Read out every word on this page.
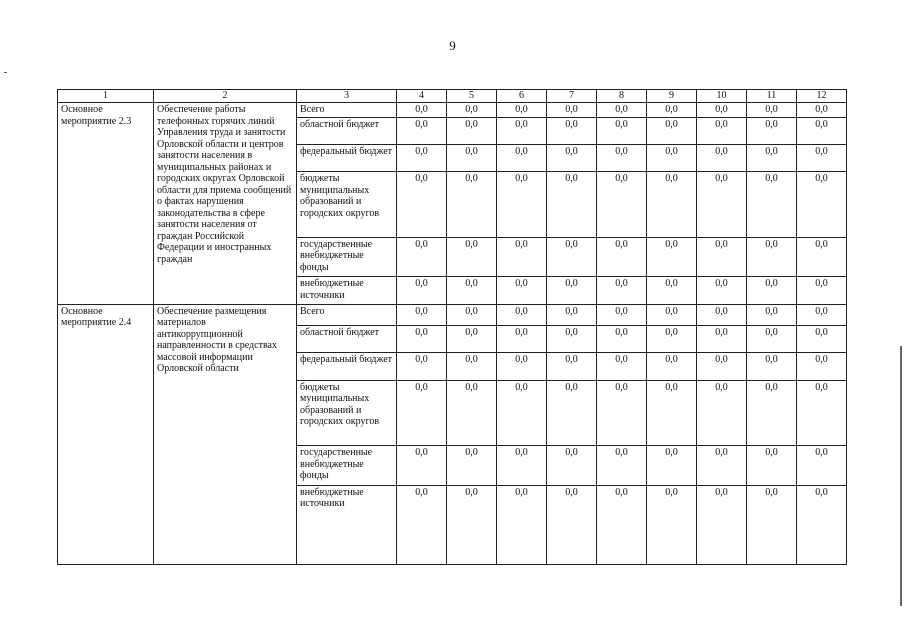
9
1	2	3	4	5	6	7	8	9	10	11	12
Основное мероприятие 2.3	Обеспечение работы телефонных горячих линий Управления труда и занятости Орловской области и центров занятости населения в муниципальных районах и городских округах Орловской области для приема сообщений о фактах нарушения законодательства в сфере занятости населения от граждан Российской Федерации и иностранных граждан	Всего	0,0	0,0	0,0	0,0	0,0	0,0	0,0	0,0	0,0
		областной бюджет	0,0	0,0	0,0	0,0	0,0	0,0	0,0	0,0	0,0
		федеральный бюджет	0,0	0,0	0,0	0,0	0,0	0,0	0,0	0,0	0,0
		бюджеты муниципальных образований и городских округов	0,0	0,0	0,0	0,0	0,0	0,0	0,0	0,0	0,0
		государственные внебюджетные фонды	0,0	0,0	0,0	0,0	0,0	0,0	0,0	0,0	0,0
		внебюджетные источники	0,0	0,0	0,0	0,0	0,0	0,0	0,0	0,0	0,0
Основное мероприятие 2.4	Обеспечение размещения материалов антикоррупционной направленности в средствах массовой информации Орловской области	Всего	0,0	0,0	0,0	0,0	0,0	0,0	0,0	0,0	0,0
		областной бюджет	0,0	0,0	0,0	0,0	0,0	0,0	0,0	0,0	0,0
		федеральный бюджет	0,0	0,0	0,0	0,0	0,0	0,0	0,0	0,0	0,0
		бюджеты муниципальных образований и городских округов	0,0	0,0	0,0	0,0	0,0	0,0	0,0	0,0	0,0
		государственные внебюджетные фонды	0,0	0,0	0,0	0,0	0,0	0,0	0,0	0,0	0,0
		внебюджетные источники	0,0	0,0	0,0	0,0	0,0	0,0	0,0	0,0	0,0
